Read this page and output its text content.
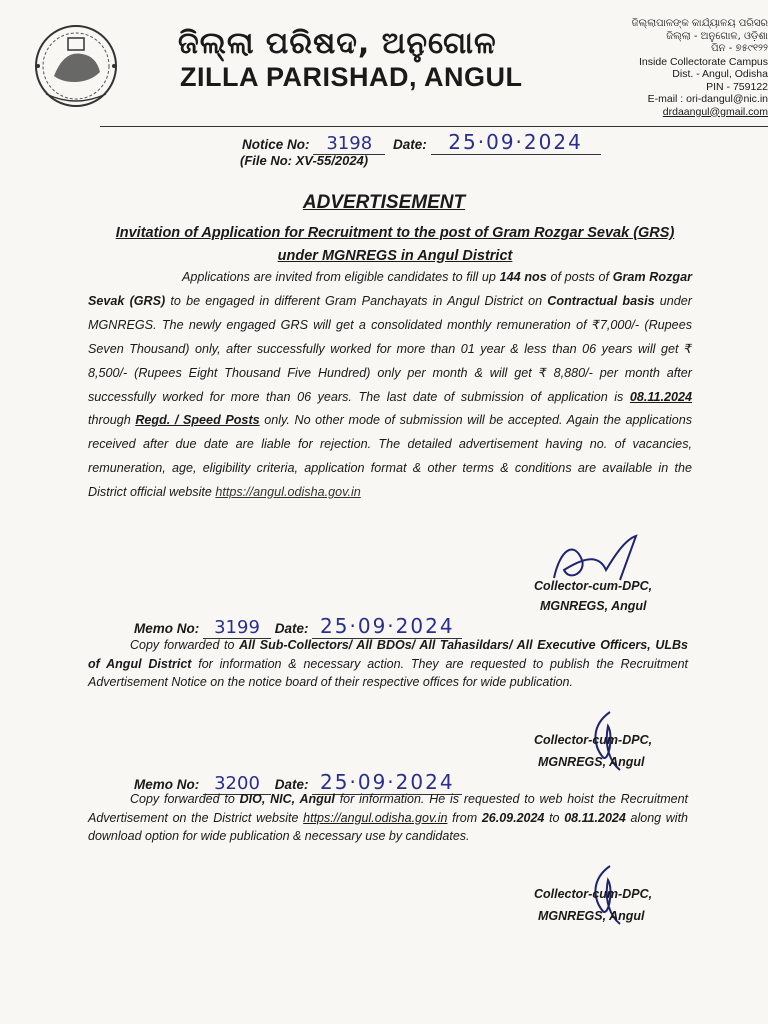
ଜିଲ୍ଲା ପରିଷଦ, ଅନୁଗୋଳ
ZILLA PARISHAD, ANGUL
ଜିଲ୍ଲାପାଳଙ୍କ କାର୍ଯ୍ୟାଳୟ ପରିସର
ଜିଲ୍ଲା - ଅନୁଗୋଳ, ଓଡ଼ିଶା
ପିନ - ୭୫୯୧୨୨
Inside Collectorate Campus
Dist. - Angul, Odisha
PIN - 759122
E-mail : ori-dangul@nic.in
drdaangul@gmail.com
Notice No: 3198 Date: 25·09·2024
(File No: XV-55/2024)
ADVERTISEMENT
Invitation of Application for Recruitment to the post of Gram Rozgar Sevak (GRS) under MGNREGS in Angul District

Applications are invited from eligible candidates to fill up 144 nos of posts of Gram Rozgar Sevak (GRS) to be engaged in different Gram Panchayats in Angul District on Contractual basis under MGNREGS. The newly engaged GRS will get a consolidated monthly remuneration of ₹7,000/- (Rupees Seven Thousand) only, after successfully worked for more than 01 year & less than 06 years will get ₹ 8,500/- (Rupees Eight Thousand Five Hundred) only per month & will get ₹ 8,880/- per month after successfully worked for more than 06 years. The last date of submission of application is 08.11.2024 through Regd. / Speed Posts only. No other mode of submission will be accepted. Again the applications received after due date are liable for rejection. The detailed advertisement having no. of vacancies, remuneration, age, eligibility criteria, application format & other terms & conditions are available in the District official website https://angul.odisha.gov.in

Collector-cum-DPC,
MGNREGS, Angul
Memo No: 3199 Date: 25·09·2024
Copy forwarded to All Sub-Collectors/ All BDOs/ All Tahasildars/ All Executive Officers, ULBs of Angul District for information & necessary action. They are requested to publish the Recruitment Advertisement Notice on the notice board of their respective offices for wide publication.
Collector-cum-DPC,
MGNREGS, Angul
Memo No: 3200 Date: 25·09·2024
Copy forwarded to DIO, NIC, Angul for information. He is requested to web hoist the Recruitment Advertisement on the District website https://angul.odisha.gov.in from 26.09.2024 to 08.11.2024 along with download option for wide publication & necessary use by candidates.
Collector-cum-DPC,
MGNREGS, Angul
